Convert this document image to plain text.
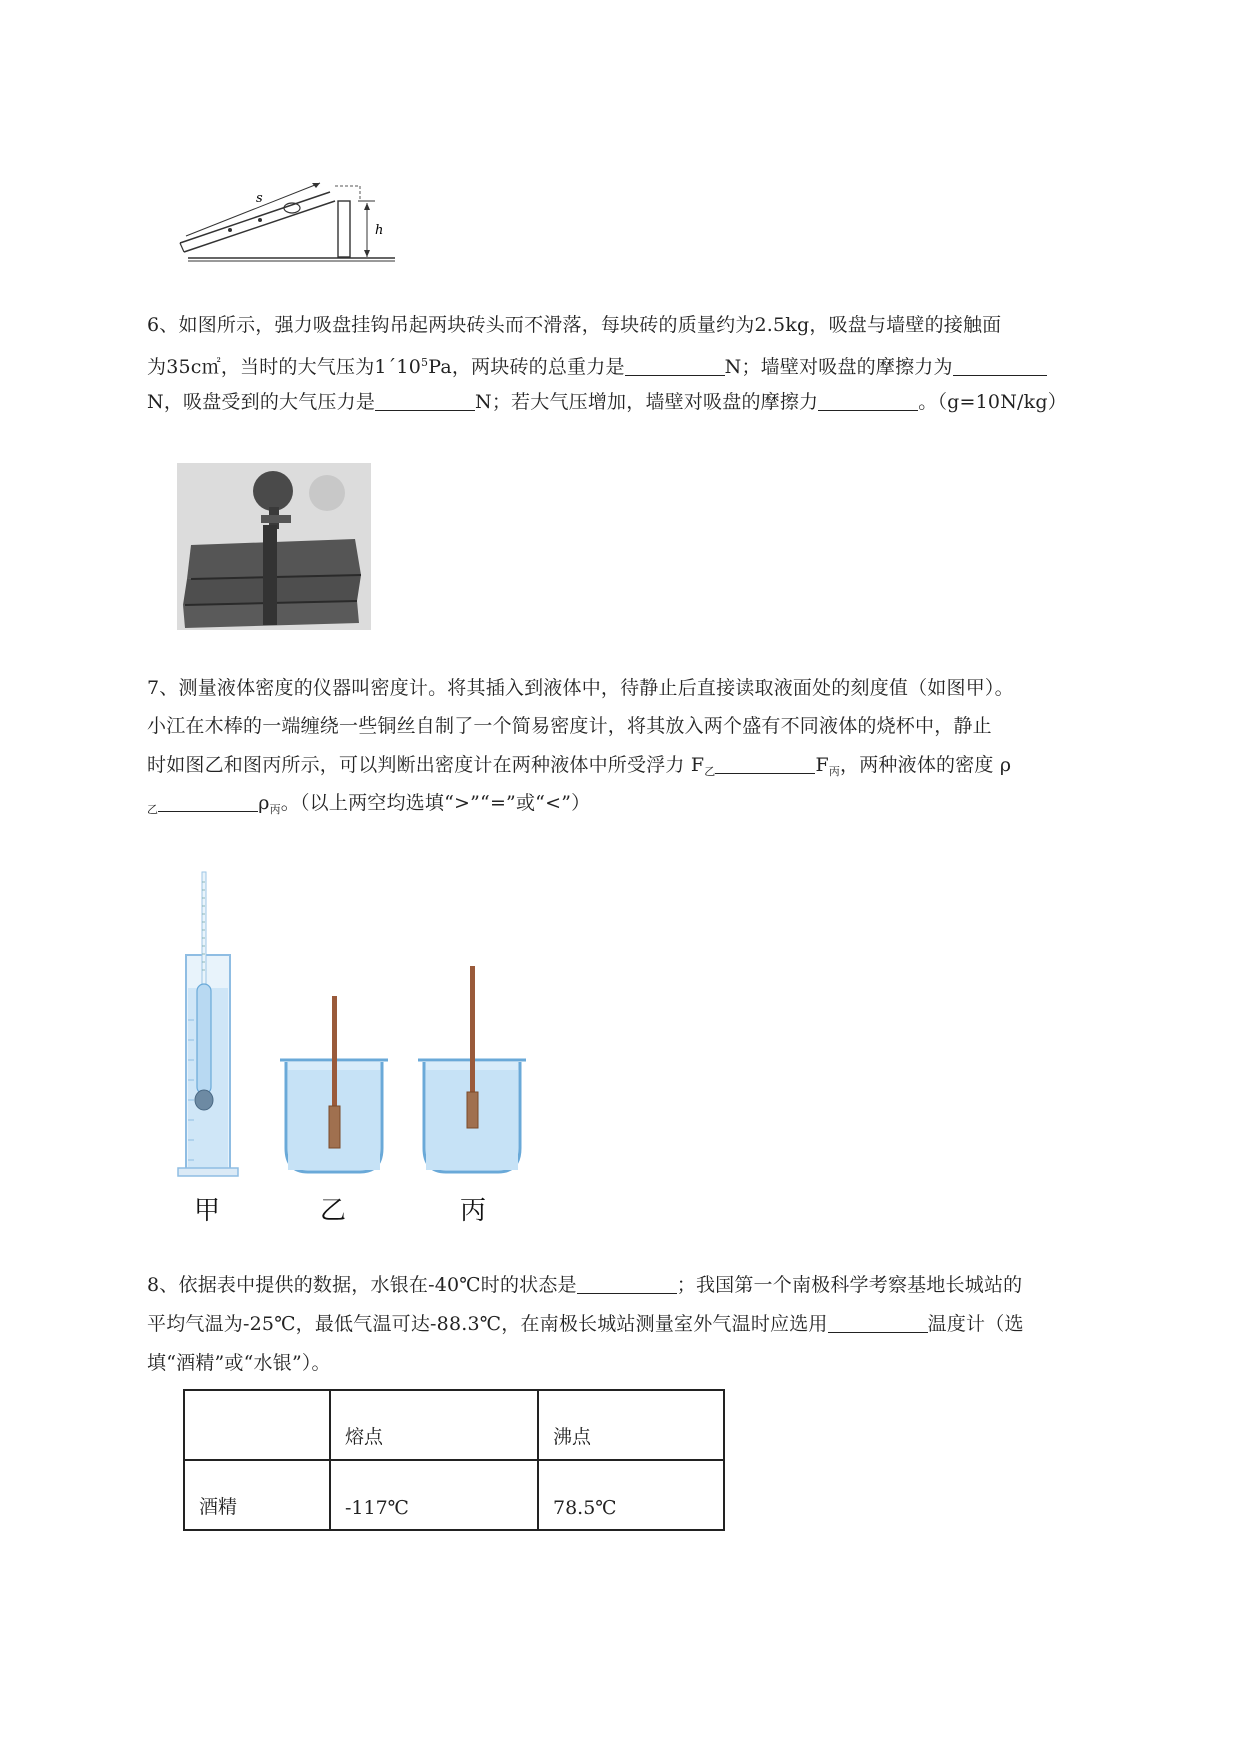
s
h
6、如图所示，强力吸盘挂钩吊起两块砖头而不滑落，每块砖的质量约为2.5kg，吸盘与墙壁的接触面
为35c㎡，当时的大气压为$1´10^5Pa$，两块砖的总重力是	N；墙壁对吸盘的摩擦力为
N，吸盘受到的大气压力是	N；若大气压增加，墙壁对吸盘的摩擦力	。（g=10N/kg）
7、测量液体密度的仪器叫密度计。将其插入到液体中，待静止后直接读取液面处的刻度值（如图甲）。
小江在木棒的一端缠绕一些铜丝自制了一个简易密度计，将其放入两个盛有不同液体的烧杯中，静止
时如图乙和图丙所示，可以判断出密度计在两种液体中所受浮力 $F_乙$	$F_丙$，两种液体的密度 ρ
$_乙$	$\rho_丙$。（以上两空均选填“>”“=”或“<”）
甲	乙	丙
8、依据表中提供的数据，水银在-40℃时的状态是	；我国第一个南极科学考察基地长城站的
平均气温为-25℃，最低气温可达-88.3℃，在南极长城站测量室外气温时应选用	温度计（选
填“酒精”或“水银”）。
	熔点	沸点
酒精	-117℃	78.5℃
